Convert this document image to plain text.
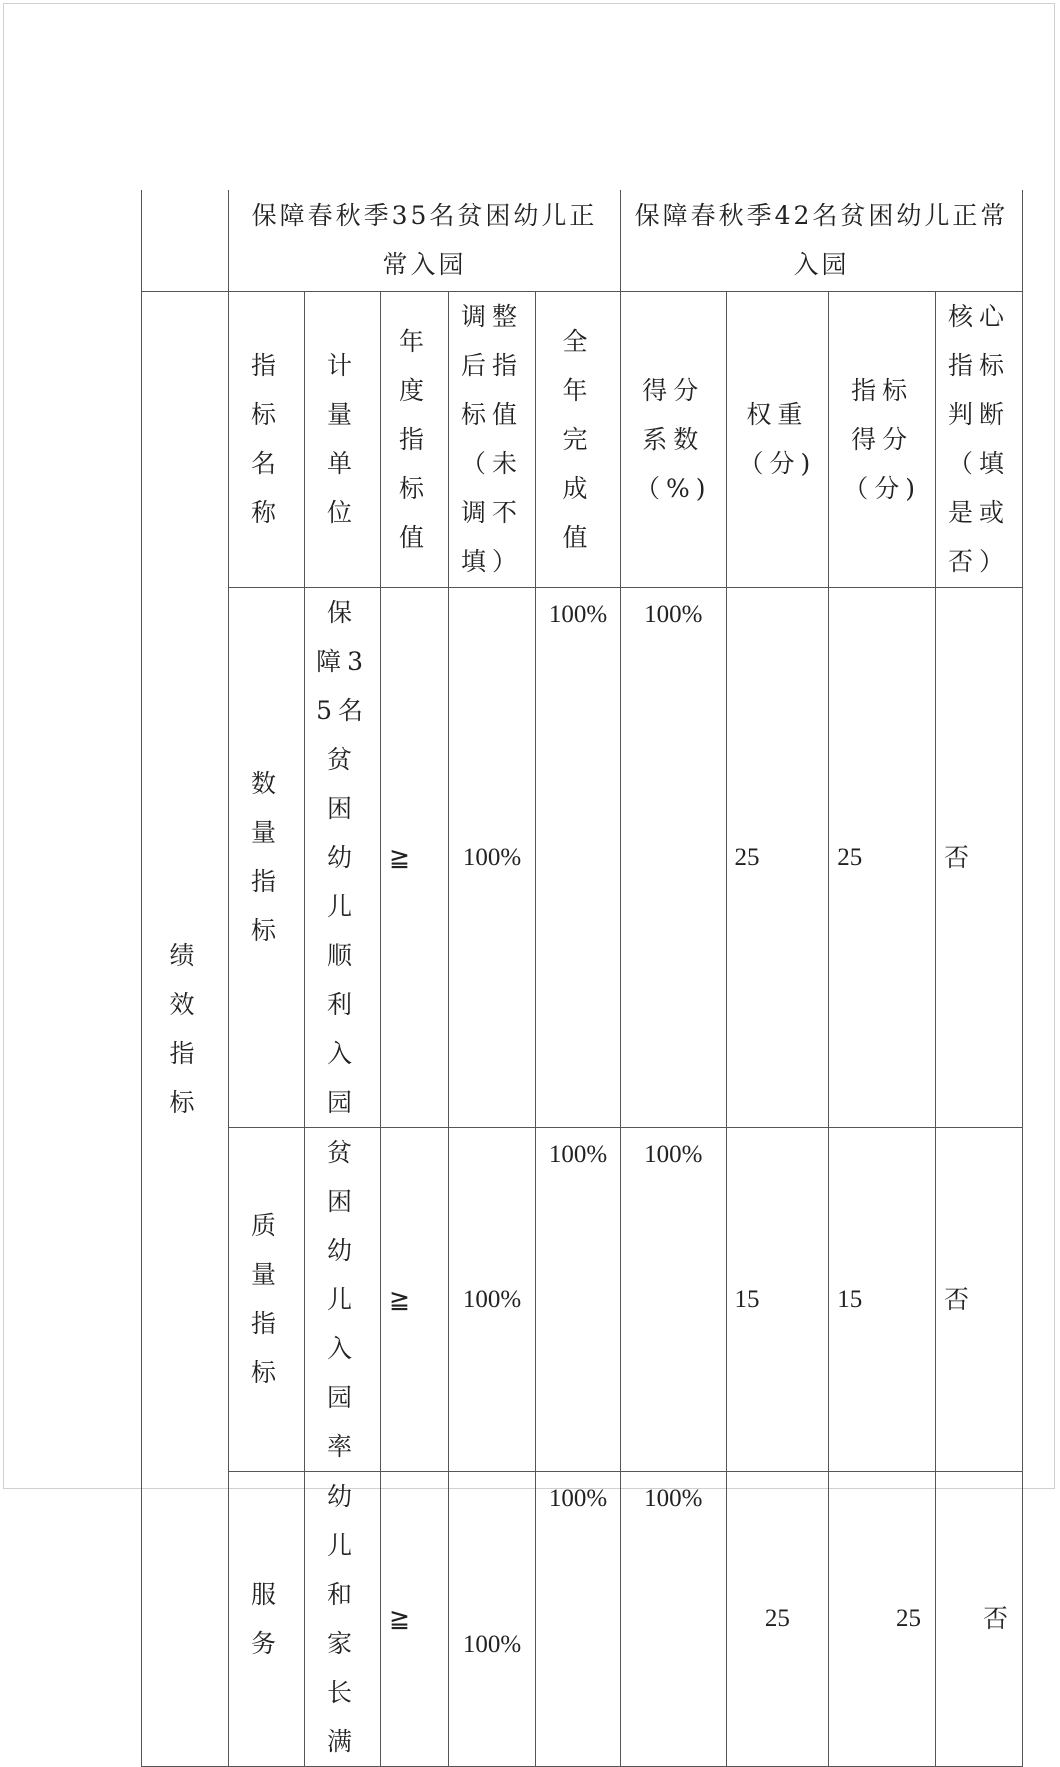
	保障春秋季35名贫困幼儿正常入园					保障春秋季42名贫困幼儿正常入园			
绩效指标	指标名称	计量单位	年度指标值	调整后指标值（未调不填）	全年完成值	得分系数（%)	权重（分)	指标得分（分)	核心指标判断（填是或否）
	数量指标	保障35名贫困幼儿顺利入园	≧	100%	100%	100%	25	25	否
	质量指标	贫困幼儿入园率	≧	100%	100%	100%	15	15	否
	服务	幼儿和家长满	≧	100%	100%	100%	25	25	否
